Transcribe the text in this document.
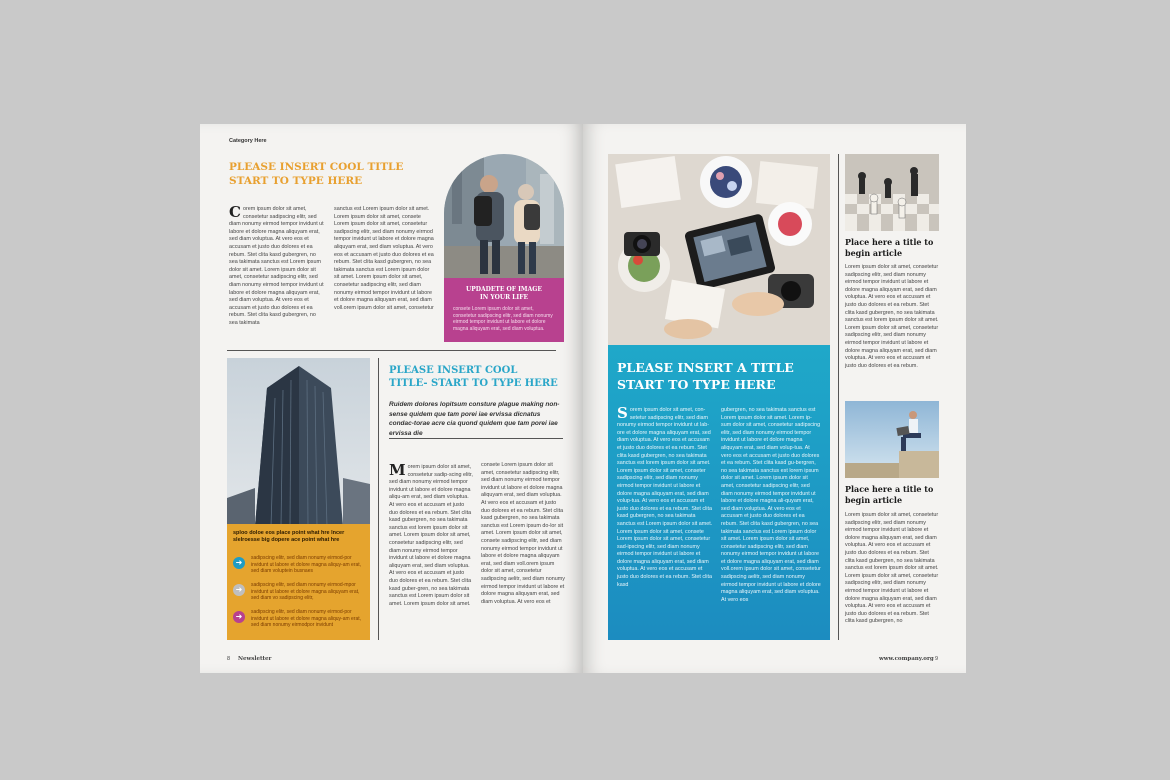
Category Here
PLEASE INSERT COOL TITLE START TO TYPE HERE
Corem ipsum dolor sit amet, consetetur sadipscing elitr, sed diam nonumy eirmod tempor invidunt ut labore et dolore magna aliquyam erat, sed diam voluptua. At vero eos et accusam et justo duo dolores et ea rebum. Stet clita kasd gubergren, no sea takimata sanctus est Lorem ipsum dolor sit amet. Lorem ipsum dolor sit amet, consetetur sadipscing elitr, sed diam nonumy eirmod tempor invidunt ut labore et dolore magna aliquyam erat, sed diam voluptua. At vero eos et accusam et justo duo dolores et ea rebum. Stet clita kasd gubergren, no sea takimata
sanctus est Lorem ipsum dolor sit amet. Lorem ipsum dolor sit amet, consete Lorem ipsum dolor sit amet, consetetur sadipscing elitr, sed diam nonumy eirmod tempor invidunt ut labore et dolore magna aliquyam erat, sed diam voluptua. At vero eos et accusam et justo duo dolores et ea rebum. Stet clita kasd gubergren, no sea takimata sanctus est Lorem ipsum dolor sit amet. Lorem ipsum dolor sit amet, consetetur sadipscing elitr, sed diam nonumy eirmod tempor invidunt ut labore et dolore magna aliquyam erat, sed diam voll.orem ipsum dolor sit amet, consetetur
UPDADETE OF IMAGE IN YOUR LIFE
consete Lorem ipsum dolor sit amet, consetetur sadipscing elitr, sed diam nonumy eirmod tempor invidunt ut labore et dolore magna aliquyam erat, sed diam voluptua.
sploo doloe eos place point what hre lncer slelroesse big dopere ace point what hre
➜	sadipscing elitr, sed diam nonumy eirmod-por invidunt ut labore et dolore magna aliquy-am erat, sed diam voluptein busnaes
➜	sadipscing elitr, sed diam nonumy eirmod-mpor invidunt ut labore et dolore magna aliquyam erat, sed diam vo sadipscing elitr,
➜	sadipscing elitr, sed diam nonumy eirmod-por invidunt ut labore et dolore magna aliquy-am erat, sed diam nonumy eirmodpor invidunt
PLEASE INSERT COOL TITLE- START TO TYPE HERE
Ruidem dolores lopitsum consture plague making non-sense quidem que tam porei iae ervissa dicnatus condac-torae acre cia quond quidem que tam porei iae ervissa die
Morem ipsum dolor sit amet, consetetur sadip-scing elitr, sed diam nonumy eirmod tempor invidunt ut labore et dolore magna aliqu-am erat, sed diam voluptua. At vero eos et accusam et justo duo dolores et ea rebum. Stet clita kasd gubergren, no sea takimata sanctus est lorem ipsum dolor sit amet. Lorem ipsum dolor sit amet, consetetur sadipscing elitr, sed diam nonumy eirmod tempor invidunt ut labore et dolore magna aliquyam erat, sed diam voluptua. At vero eos et accusam et justo duo dolores et ea rebum. Stet clita kasd guber-gren, no sea takimata sanctus est Lorem ipsum dolor sit amet. Lorem ipsum dolor sit amet.
consete Lorem ipsum dolor sit amet, consetetur sadipscing elitr, sed diam nonumy eirmod tempor invidunt ut labore et dolore magna aliquyam erat, sed diam voluptua. At vero eos et accusam et justo duo dolores et ea rebum. Stet clita kasd gubergren, no sea takimata sanctus est Lorem ipsum do-lor sit amet. Lorem ipsum dolor sit amet, consete sadipscing elitr, sed diam nonumy eirmod tempor invidunt ut labore et dolore magna aliquyam erat, sed diam voll.orem ipsum dolor sit amet, consetetur sadipscing aelitr, sed diam nonumy eirmod tempor invidunt ut labore et dolore magna aliquyam erat, sed diam voluptua. At vero eos et
8 Newsletter
PLEASE INSERT A TITLE START TO TYPE HERE
Sorem ipsum dolor sit amet, con-setetur sadipscing elitr, sed diam nonumy eirmod tempor invidunt ut lab-ore et dolore magna aliquyam erat, sed diam voluptua. At vero eos et accusam et justo duo dolores et ea rebum. Stet clita kasd gubergren, no sea takimata sanctus est lorem ipsum dolor sit amet. Lorem ipsum dolor sit amet, conseter sadipscing elitr, sed diam nonumy eirmod tempor invidunt ut labore et dolore magna aliquyam erat, sed diam volup-tua. At vero eos et accusam et justo duo dolores et ea rebum. Stet clita kasd gubergren, no sea takimata sanctus est Lorem ipsum dolor sit amet. Lorem ipsum dolor sit amet, consete Lorem ipsum dolor sit amet, consetetur sad-ipscing elitr, sed diam nonumy eirmod tempor invidunt ut labore et dolore magna aliquyam erat, sed diam voluptua. At vero eos et accusam et justo duo dolores et ea rebum. Stet clita kasd
gubergren, no sea takimata sanctus est Lorem ipsum dolor sit amet. Lorem ip-sum dolor sit amet, consetetur sadipscing elitr, sed diam nonumy eirmod tempor invidunt ut labore et dolore magna aliquyam erat, sed diam volup-tua. At vero eos et accusam et justo duo dolores et ea rebum. Stet clita kasd gu-bergren, no sea takimata sanctus est lorem ipsum dolor sit amet. Lorem ipsum dolor sit amet, consetetur sadipscing elitr, sed diam nonumy eirmod tempor invidunt ut labore et dolore magna ali-quyam erat, sed diam voluptua. At vero eos et accusam et justo duo dolores et ea rebum. Stet clita kasd gubergren, no sea takimata sanctus est Lorem ipsum dolor sit amet. Lorem ipsum dolor sit amet, consetetur sadipscing elitr, sed diam nonumy eirmod tempor invidunt ut labore et dolore magna aliquyam erat, sed diam voll.orem ipsum dolor sit amet, consetetur sadipscing aelitr, sed diam nonumy eirmod tempor invidunt ut labore et dolore magna aliquyam erat, sed diam voluptua. At vero eos
Place here a title to begin article
Lorem ipsum dolor sit amet, consetetur sadipscing elitr, sed diam nonumy eirmod tempor invidunt ut labore et dolore magna aliquyam erat, sed diam voluptua. At vero eos et accusam et justo duo dolores et ea rebum. Stet clita kasd gubergren, no sea takimata sanctus est lorem ipsum dolor sit amet. Lorem ipsum dolor sit amet, consetetur sadipscing elitr, sed diam nonumy eirmod tempor invidunt ut labore et dolore magna aliquyam erat, sed diam voluptua. At vero eos et accusam et justo duo dolores et ea rebum.
Place here a title to begin article
Lorem ipsum dolor sit amet, consetetur sadipscing elitr, sed diam nonumy eirmod tempor invidunt ut labore et dolore magna aliquyam erat, sed diam voluptua. At vero eos et accusam et justo duo dolores et ea rebum. Stet clita kasd gubergren, no sea takimata sanctus est lorem ipsum dolor sit amet. Lorem ipsum dolor sit amet, consetetur sadipscing elitr, sed diam nonumy eirmod tempor invidunt ut labore et dolore magna aliquyam erat, sed diam voluptua. At vero eos et accusam et justo duo dolores et ea rebum. Stet clita kasd gubergren, no
www.company.org 9
